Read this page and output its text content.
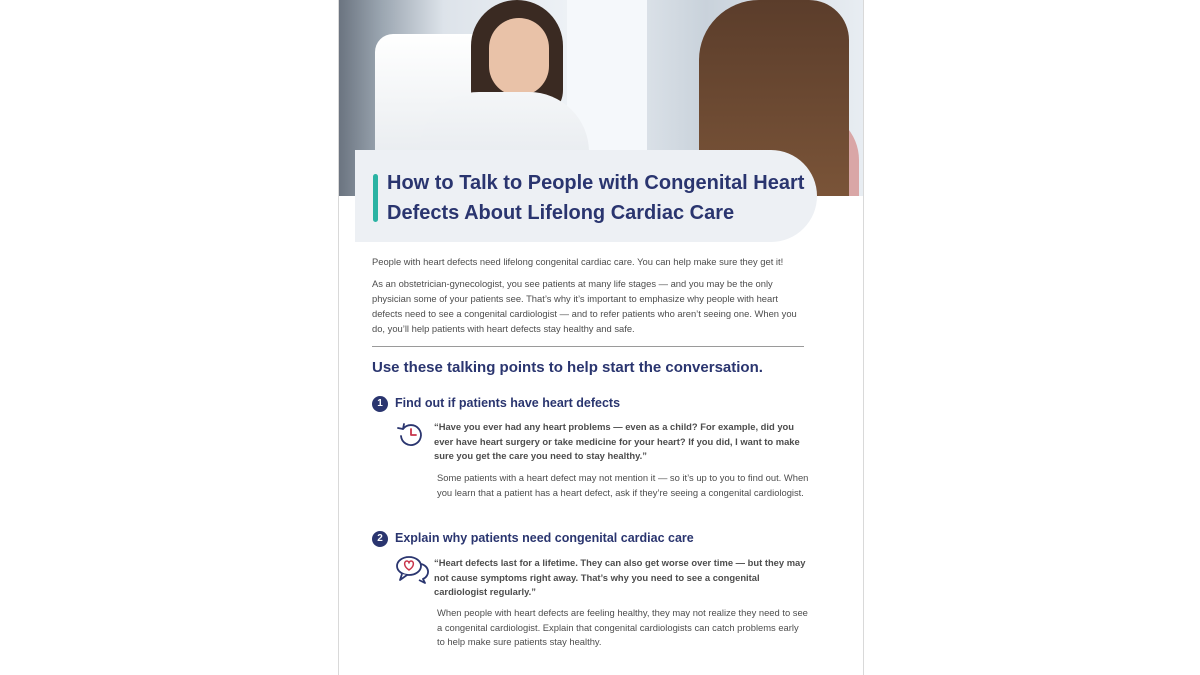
How to Talk to People with Congenital Heart Defects About Lifelong Cardiac Care

People with heart defects need lifelong congenital cardiac care. You can help make sure they get it!

As an obstetrician-gynecologist, you see patients at many life stages — and you may be the only physician some of your patients see. That’s why it’s important to emphasize why people with heart defects need to see a congenital cardiologist — and to refer patients who aren’t seeing one. When you do, you’ll help patients with heart defects stay healthy and safe.

Use these talking points to help start the conversation.
1 Find out if patients have heart defects

“Have you ever had any heart problems — even as a child? For example, did you ever have heart surgery or take medicine for your heart? If you did, I want to make sure you get the care you need to stay healthy.”

Some patients with a heart defect may not mention it — so it’s up to you to find out. When you learn that a patient has a heart defect, ask if they’re seeing a congenital cardiologist.

2 Explain why patients need congenital cardiac care

“Heart defects last for a lifetime. They can also get worse over time — but they may not cause symptoms right away. That’s why you need to see a congenital cardiologist regularly.”

When people with heart defects are feeling healthy, they may not realize they need to see a congenital cardiologist. Explain that congenital cardiologists can catch problems early to help make sure patients stay healthy.
